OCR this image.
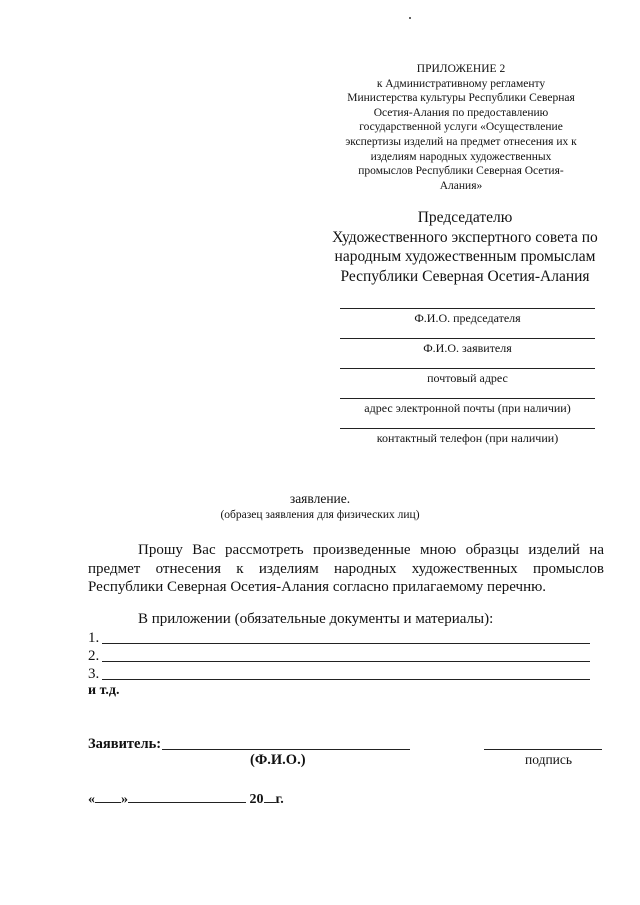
ПРИЛОЖЕНИЕ 2
к Административному регламенту
Министерства культуры Республики Северная
Осетия-Алания по предоставлению
государственной услуги «Осуществление
экспертизы изделий на предмет отнесения их к
изделиям народных художественных
промыслов Республики Северная Осетия-
Алания»
Председателю
Художественного экспертного совета по
народным художественным промыслам
Республики Северная Осетия-Алания
Ф.И.О. председателя
Ф.И.О. заявителя
почтовый адрес
адрес электронной почты (при наличии)
контактный телефон (при наличии)
заявление.
(образец заявления для физических лиц)
Прошу Вас рассмотреть произведенные мною образцы изделий на
предмет отнесения к изделиям народных художественных промыслов
Республики Северная Осетия-Алания согласно прилагаемому перечню.
В приложении (обязательные документы и материалы):
1.
2.
3.
и т.д.
Заявитель:
(Ф.И.О.)	подпись
« »	20 г.
